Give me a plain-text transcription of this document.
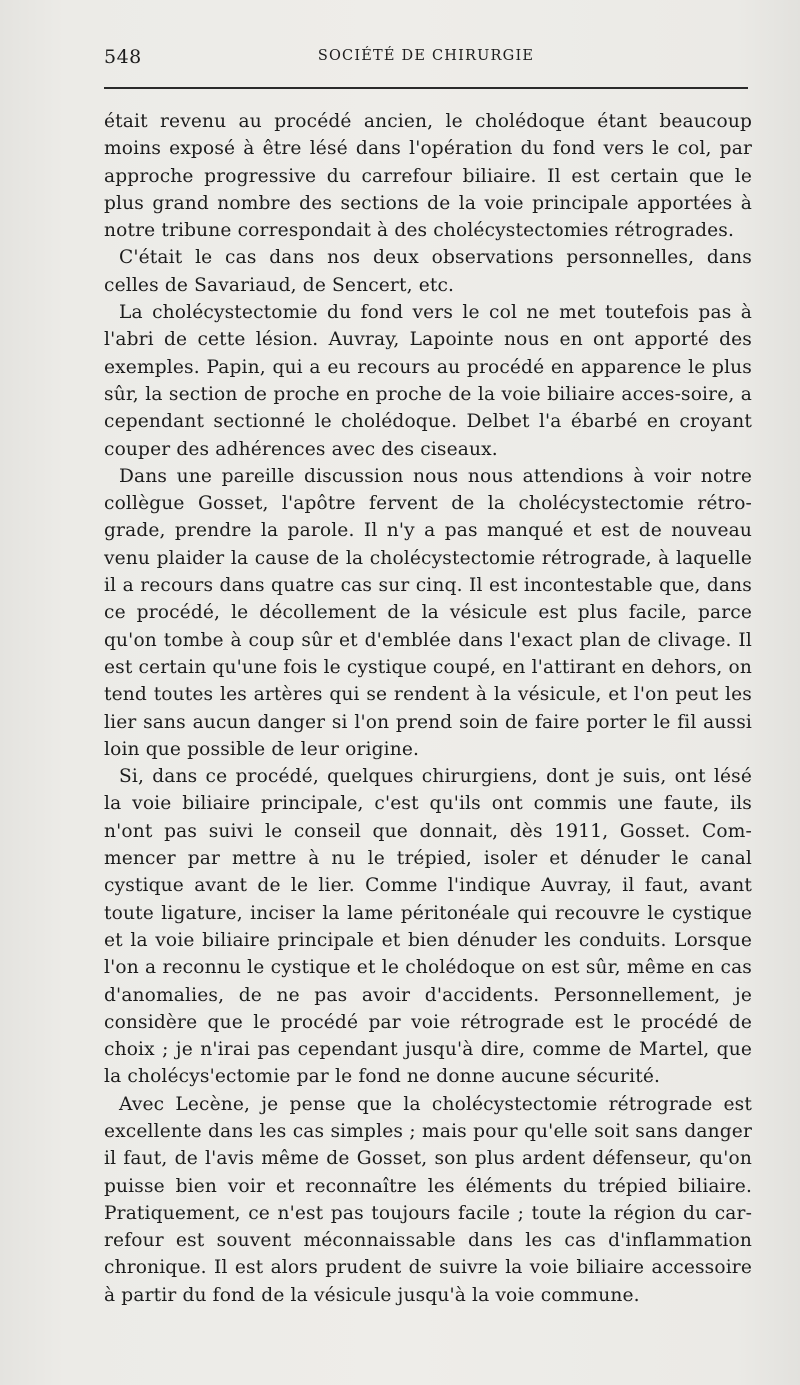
548	SOCIÉTÉ DE CHIRURGIE

était revenu au procédé ancien, le cholédoque étant beaucoup moins exposé à être lésé dans l'opération du fond vers le col, par approche progressive du carrefour biliaire. Il est certain que le plus grand nombre des sections de la voie principale apportées à notre tribune correspondait à des cholécystectomies rétrogrades.

C'était le cas dans nos deux observations personnelles, dans celles de Savariaud, de Sencert, etc.

La cholécystectomie du fond vers le col ne met toutefois pas à l'abri de cette lésion. Auvray, Lapointe nous en ont apporté des exemples. Papin, qui a eu recours au procédé en apparence le plus sûr, la section de proche en proche de la voie biliaire acces-soire, a cependant sectionné le cholédoque. Delbet l'a ébarbé en croyant couper des adhérences avec des ciseaux.

Dans une pareille discussion nous nous attendions à voir notre collègue Gosset, l'apôtre fervent de la cholécystectomie rétro-grade, prendre la parole. Il n'y a pas manqué et est de nouveau venu plaider la cause de la cholécystectomie rétrograde, à laquelle il a recours dans quatre cas sur cinq. Il est incontestable que, dans ce procédé, le décollement de la vésicule est plus facile, parce qu'on tombe à coup sûr et d'emblée dans l'exact plan de clivage. Il est certain qu'une fois le cystique coupé, en l'attirant en dehors, on tend toutes les artères qui se rendent à la vésicule, et l'on peut les lier sans aucun danger si l'on prend soin de faire porter le fil aussi loin que possible de leur origine.

Si, dans ce procédé, quelques chirurgiens, dont je suis, ont lésé la voie biliaire principale, c'est qu'ils ont commis une faute, ils n'ont pas suivi le conseil que donnait, dès 1911, Gosset. Com-mencer par mettre à nu le trépied, isoler et dénuder le canal cystique avant de le lier. Comme l'indique Auvray, il faut, avant toute ligature, inciser la lame péritonéale qui recouvre le cystique et la voie biliaire principale et bien dénuder les conduits. Lorsque l'on a reconnu le cystique et le cholédoque on est sûr, même en cas d'anomalies, de ne pas avoir d'accidents. Personnellement, je considère que le procédé par voie rétrograde est le procédé de choix ; je n'irai pas cependant jusqu'à dire, comme de Martel, que la cholécys'ectomie par le fond ne donne aucune sécurité.

Avec Lecène, je pense que la cholécystectomie rétrograde est excellente dans les cas simples ; mais pour qu'elle soit sans danger il faut, de l'avis même de Gosset, son plus ardent défenseur, qu'on puisse bien voir et reconnaître les éléments du trépied biliaire. Pratiquement, ce n'est pas toujours facile ; toute la région du car-refour est souvent méconnaissable dans les cas d'inflammation chronique. Il est alors prudent de suivre la voie biliaire accessoire à partir du fond de la vésicule jusqu'à la voie commune.
